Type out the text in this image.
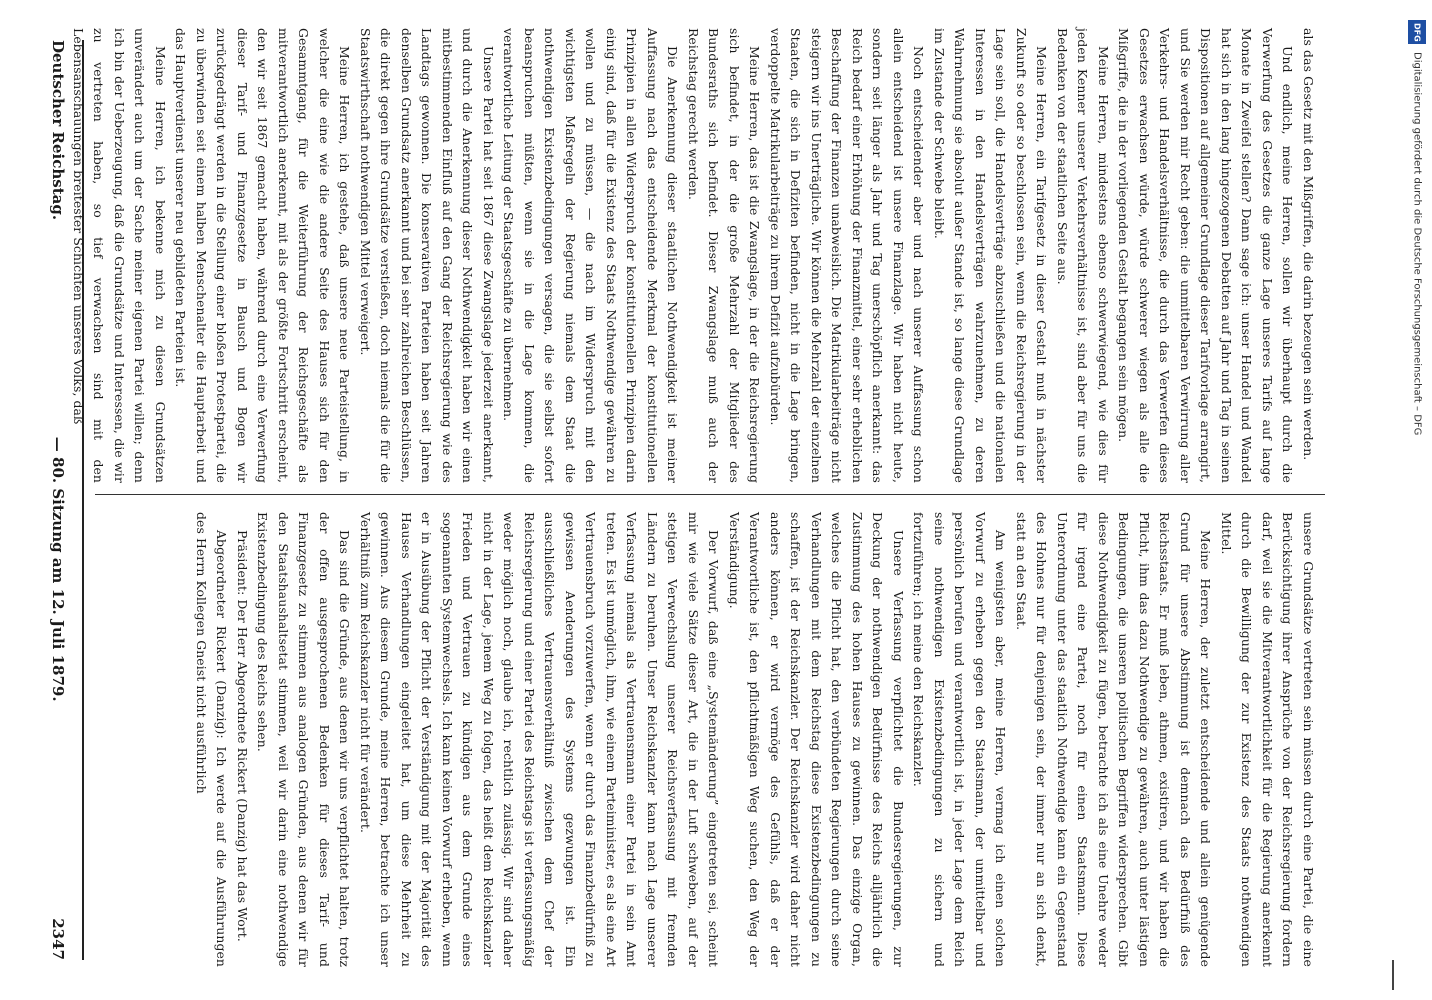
Deutscher Reichstag.
— 80. Sitzung am 12. Juli 1879.
2347

als das Gesetz mit den Mißgriffen, die darin bezeugen sein werden.

Und endlich, meine Herren, sollen wir überhaupt durch die Verwerfung des Gesetzes die ganze Lage unseres Tarifs auf lange Monate in Zweifel stellen? Dann sage ich: unser Handel und Wandel hat sich in den lang hingezogenen Debatten auf Jahr und Tag in seinen Dispositionen auf allgemeiner Grundlage dieser Tarifvorlage arrangirt, und Sie werden mir Recht geben: die unmittelbaren Verwirrung aller Verkehrs- und Handelsverhältnisse, die durch das Verwerfen dieses Gesetzes erwachsen würde, würde schwerer wiegen als alle die Mißgriffe, die in der vorliegenden Gestalt begangen sein mögen.

Meine Herren, mindestens ebenso schwerwiegend, wie dies für jeden Kenner unserer Verkehrsverhältnisse ist, sind aber für uns die Bedenken von der staatlichen Seite aus.

Meine Herren, ein Tarifgesetz in dieser Gestalt muß in nächster Zukunft so oder so beschlossen sein, wenn die Reichsregierung in der Lage sein soll, die Handelsverträge abzuschließen und die nationalen Interessen in den Handelsverträgen wahrzunehmen, zu deren Wahrnehmung sie absolut außer Stande ist, so lange diese Grundlage im Zustande der Schwebe bleibt.

Noch entscheidender aber und nach unserer Auffassung schon allein entscheidend ist unsere Finanzlage. Wir haben nicht heute, sondern seit länger als Jahr und Tag unerschöpflich anerkannt: das Reich bedarf einer Erhöhung der Finanzmittel, einer sehr erheblichen Beschaffung der Finanzen unabweislich. Die Matrikularbeiträge nicht steigern wir ins Unerträgliche. Wir können die Mehrzahl der einzelnen Staaten, die sich in Defiziten befinden, nicht in die Lage bringen, verdoppelte Matrikularbeiträge zu ihrem Defizit aufzubürden.

Meine Herren, das ist die Zwangslage, in der die Reichsregierung sich befindet, in der die große Mehrzahl der Mitglieder des Bundesraths sich befindet. Dieser Zwangslage muß auch der Reichstag gerecht werden.

Die Anerkennung dieser staatlichen Nothwendigkeit ist meiner Auffassung nach das entscheidende Merkmal der konstitutionellen Prinzipien in allen Widerspruch der konstitutionellen Prinzipien darin einig sind, daß für die Existenz des Staats Nothwendige gewähren zu wollen und zu müssen, — die nach im Widerspruch mit den wichtigsten Maßregeln der Regierung niemals dem Staat die nothwendigen Existenzbedingungen versagen, die sie selbst sofort beanspruchen müßten, wenn sie in die Lage kommen, die verantwortliche Leitung der Staatsgeschäfte zu übernehmen.

Unsere Partei hat seit 1867 diese Zwangslage jederzeit anerkannt, und durch die Anerkennung dieser Nothwendigkeit haben wir einen mitbestimmenden Einfluß auf den Gang der Reichsregierung wie des Landtags gewonnen. Die konservativen Parteien haben seit Jahren denselben Grundsatz anerkannt und bei sehr zahlreichen Beschlüssen, die direkt gegen ihre Grundsätze verstießen, doch niemals die für die Staatswirthschaft nothwendigen Mittel verweigert.

Meine Herren, ich gestehe, daß unsere neue Parteistellung, in welcher die eine wie die andere Seite des Hauses sich für den Gesammtgang, für die Weiterführung der Reichsgeschäfte als mitverantwortlich anerkennt, mit als der größte Fortschritt erscheint, den wir seit 1867 gemacht haben, während durch eine Verwerfung dieser Tarif- und Finanzgesetze in Bausch und Bogen wir zurückgedrängt werden in die Stellung einer bloßen Protestpartei, die zu überwinden seit einem halben Menschenalter die Hauptarbeit und das Hauptverdienst unserer neu gebildeten Parteien ist.

Meine Herren, ich bekenne mich zu diesen Grundsätzen unverändert auch um der Sache meiner eigenen Partei willen; denn ich bin der Ueberzeugung, daß die Grundsätze und Interessen, die wir zu vertreten haben, so tief verwachsen sind mit den Lebensanschauungen breitester Schichten unseres Volks, daß

unsere Grundsätze vertreten sein müssen durch eine Partei, die eine Berücksichtigung ihrer Ansprüche von der Reichsregierung fordern darf, weil sie die Mitverantwortlichkeit für die Regierung anerkennt durch die Bewilligung der zur Existenz des Staats nothwendigen Mittel.

Meine Herren, der zuletzt entscheidende und allein genügende Grund für unsere Abstimmung ist demnach das Bedürfniß des Reichsstaats. Er muß leben, athmen, existiren, und wir haben die Pflicht, ihm das dazu Nothwendige zu gewähren, auch unter lästigen Bedingungen, die unseren politischen Begriffen widersprechen. Gibt diese Nothwendigkeit zu fügen, betrachte ich als eine Unehre weder für irgend eine Partei, noch für einen Staatsmann. Diese Unterordnung unter das staatlich Nothwendige kann ein Gegenstand des Hohnes nur für denjenigen sein, der immer nur an sich denkt, statt an den Staat.

Am wenigsten aber, meine Herren, vermag ich einen solchen Vorwurf zu erheben gegen den Staatsmann, der unmittelbar und persönlich berufen und verantwortlich ist, in jeder Lage dem Reich seine nothwendigen Existenzbedingungen zu sichern und fortzuführen; ich meine den Reichskanzler.

Unsere Verfassung verpflichtet die Bundesregierungen, zur Deckung der nothwendigen Bedürfnisse des Reichs alljährlich die Zustimmung des hohen Hauses zu gewinnen. Das einzige Organ, welches die Pflicht hat, den verbündeten Regierungen durch seine Verhandlungen mit dem Reichstag diese Existenzbedingungen zu schaffen, ist der Reichskanzler. Der Reichskanzler wird daher nicht anders können, er wird vermöge des Gefühls, daß er der Verantwortliche ist, den pflichtmäßigen Weg suchen, den Weg der Verständigung.

Der Vorwurf, daß eine „Systemänderung” eingetreten sei, scheint mir wie viele Sätze dieser Art, die in der Luft schweben, auf der stetigen Verwechslung unserer Reichsverfassung mit fremden Ländern zu beruhen. Unser Reichskanzler kann nach Lage unserer Verfassung niemals als Vertrauensmann einer Partei in sein Amt treten. Es ist unmöglich, ihm, wie einem Parteiminister, es als eine Art Vertrauensbruch vorzuwerfen, wenn er durch das Finanzbedürfniß zu gewissen Aenderungen des Systems gezwungen ist. Ein ausschließliches Vertrauensverhältniß zwischen dem Chef der Reichsregierung und einer Partei des Reichstags ist verfassungsmäßig weder möglich noch, glaube ich, rechtlich zulässig. Wir sind daher nicht in der Lage, jenem Weg zu folgen, das heißt dem Reichskanzler Frieden und Vertrauen zu kündigen aus dem Grunde eines sogenannten Systemwechsels. Ich kann keinen Vorwurf erheben, wenn er in Ausübung der Pflicht der Verständigung mit der Majorität des Hauses Verhandlungen eingeleitet hat, um diese Mehrheit zu gewinnen. Aus diesem Grunde, meine Herren, betrachte ich unser Verhältniß zum Reichskanzler nicht für verändert.

Das sind die Gründe, aus denen wir uns verpflichtet halten, trotz der offen ausgesprochenen Bedenken für dieses Tarif- und Finanzgesetz zu stimmen aus analogen Gründen, aus denen wir für den Staatshaushaltsetat stimmen, weil wir darin eine nothwendige Existenzbedingung des Reichs sehen.

Präsident: Der Herr Abgeordnete Rickert (Danzig) hat das Wort.

Abgeordneter Rickert (Danzig): Ich werde auf die Ausführungen des Herrn Kollegen Gneist nicht ausführlich

DFG
Digitalisierung gefördert durch die Deutsche Forschungsgemeinschaft – DFG
